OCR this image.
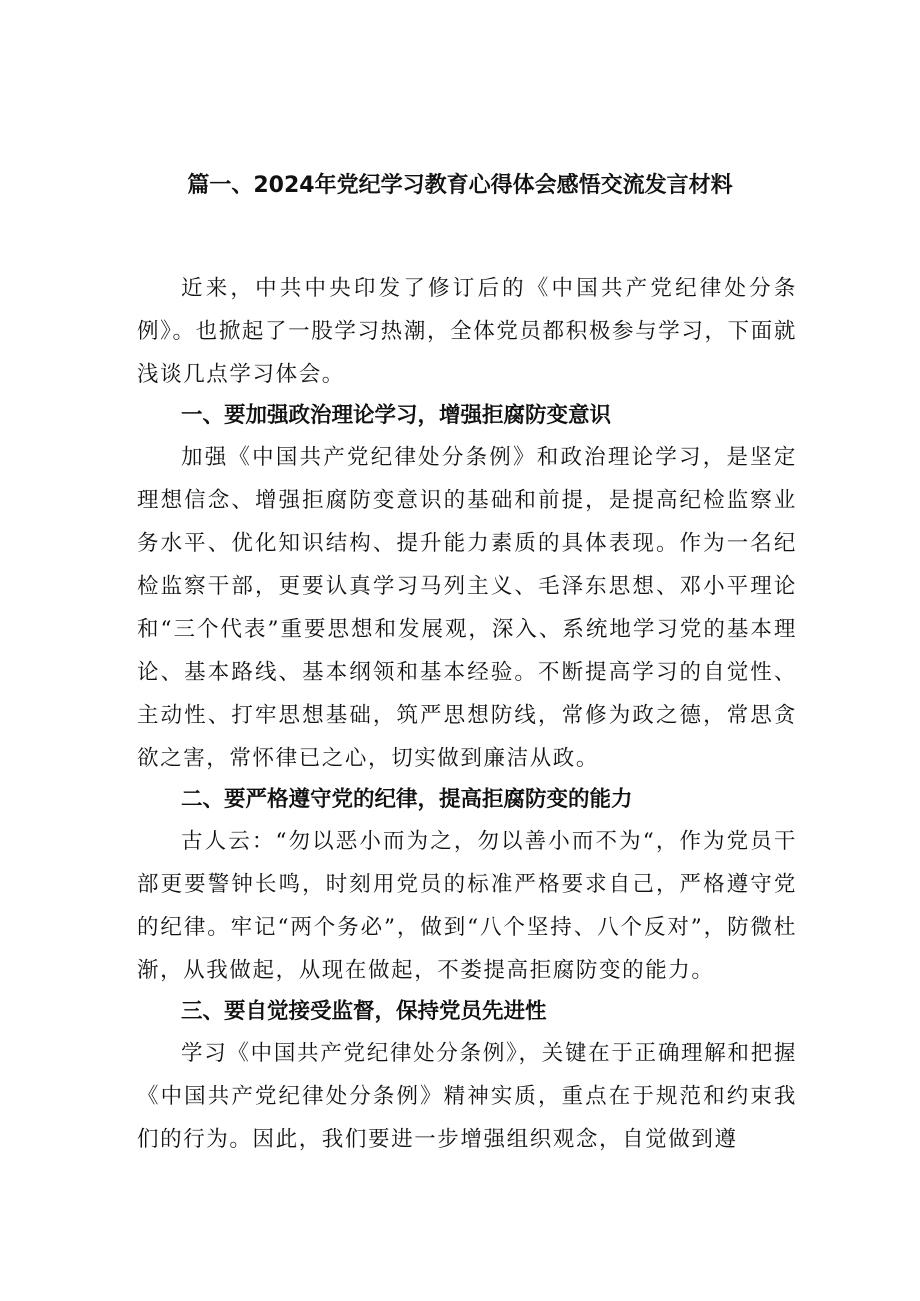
篇一、2024年党纪学习教育心得体会感悟交流发言材料

近来，中共中央印发了修订后的《中国共产党纪律处分条例》。也掀起了一股学习热潮，全体党员都积极参与学习，下面就浅谈几点学习体会。

一、要加强政治理论学习，增强拒腐防变意识

加强《中国共产党纪律处分条例》和政治理论学习，是坚定理想信念、增强拒腐防变意识的基础和前提，是提高纪检监察业务水平、优化知识结构、提升能力素质的具体表现。作为一名纪检监察干部，更要认真学习马列主义、毛泽东思想、邓小平理论和“三个代表”重要思想和发展观，深入、系统地学习党的基本理论、基本路线、基本纲领和基本经验。不断提高学习的自觉性、主动性、打牢思想基础，筑严思想防线，常修为政之德，常思贪欲之害，常怀律已之心，切实做到廉洁从政。

二、要严格遵守党的纪律，提高拒腐防变的能力

古人云：“勿以恶小而为之，勿以善小而不为“，作为党员干部更要警钟长鸣，时刻用党员的标准严格要求自己，严格遵守党的纪律。牢记“两个务必”，做到“八个坚持、八个反对”，防微杜渐，从我做起，从现在做起，不娄提高拒腐防变的能力。

三、要自觉接受监督，保持党员先进性

学习《中国共产党纪律处分条例》，关键在于正确理解和把握《中国共产党纪律处分条例》精神实质，重点在于规范和约束我们的行为。因此，我们要进一步增强组织观念，自觉做到遵
